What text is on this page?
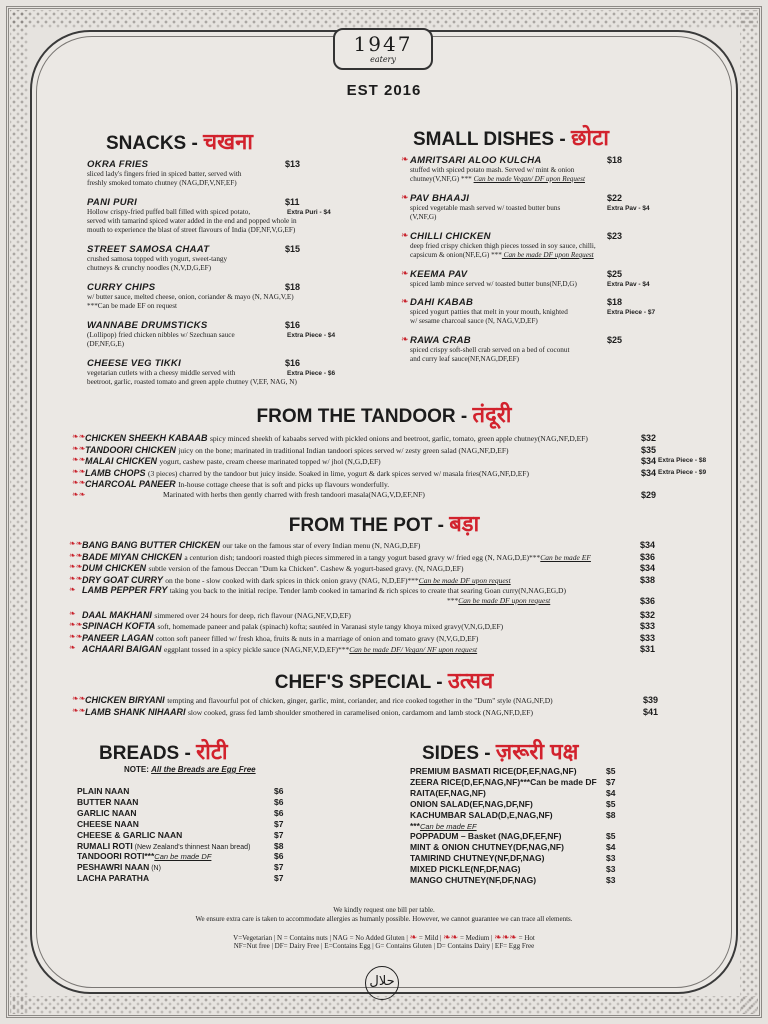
1947
eatery
EST 2016
SNACKS - चखना	SMALL DISHES - छोटा
FROM THE TANDOOR - तंदूरी
FROM THE POT - बड़ा
CHEF'S SPECIAL - उत्सव
BREADS - रोटी
NOTE: All the Breads are Egg Free
SIDES - ज़रूरी पक्ष
We kindly request one bill per table.
We ensure extra care is taken to accommodate allergies as humanly possible. However, we cannot guarantee we can trace all elements.
V=Vegetarian | N = Contains nuts | NAG = No Added Gluten | ❧ = Mild | ❧❧ = Medium | ❧❧❧ = Hot
NF=Nut free | DF= Dairy Free | E=Contains Egg | G= Contains Gluten | D= Contains Dairy | EF= Egg Free
حلال
OKRA FRIES	$13
sliced lady's fingers fried in spiced batter, served with
freshly smoked tomato chutney (NAG,DF,V,NF,EF)
PANI PURI	$11
Extra Puri - $4
Hollow crispy-fried puffed ball filled with spiced potato,
served with tamarind spiced water added in the end and popped whole in
mouth to experience the blast of street flavours of India (DF,NF,V,G,EF)
STREET SAMOSA CHAAT	$15
crushed samosa topped with yogurt, sweet-tangy
chutneys & crunchy noodles (N,V,D,G,EF)
CURRY CHIPS	$18
w/ butter sauce, melted cheese, onion, coriander & mayo (N, NAG,V,E)
***Can be made EF on request
WANNABE DRUMSTICKS	$16
Extra Piece - $4
(Lollipop) fried chicken nibbles w/ Szechuan sauce
(DF,NF,G,E)
CHEESE VEG TIKKI	$16
Extra Piece - $6
vegetarian cutlets with a cheesy middle served with
beetroot, garlic, roasted tomato and green apple chutney (V,EF, NAG, N)
❧ AMRITSARI ALOO KULCHA	$18
stuffed with spiced potato mash. Served w/ mint & onion
chutney(V,NF,G) *** Can be made Vegan/ DF upon Request
❧ PAV BHAAJI	$22
Extra Pav - $4
spiced vegetable mash served w/ toasted butter buns
(V,NF,G)
❧ CHILLI CHICKEN	$23
deep fried crispy chicken thigh pieces tossed in soy sauce, chilli,
capsicum & onion(NF,E,G) *** Can be made DF upon Request
❧ KEEMA PAV	$25
Extra Pav - $4
spiced lamb mince served w/ toasted butter buns(NF,D,G)
❧ DAHI KABAB	$18
Extra Piece - $7
spiced yogurt patties that melt in your mouth, knighted
w/ sesame charcoal sauce (N, NAG,V,D,EF)
❧ RAWA CRAB	$25
spiced crispy soft-shell crab served on a bed of coconut
and curry leaf sauce(NF,NAG,DF,EF)
❧❧ CHICKEN SHEEKH KABAAB spicy minced sheekh of kabaabs served with pickled onions and beetroot, garlic, tomato, green apple chutney(NAG,NF,D,EF)	$32
❧❧ TANDOORI CHICKEN juicy on the bone; marinated in traditional Indian tandoori spices served w/ zesty green salad (NAG,NF,D,EF)	$35
❧❧ MALAI CHICKEN yogurt, cashew paste, cream cheese marinated topped w/ jhol (N,G,D,EF)	$34 Extra Piece - $8
❧❧ LAMB CHOPS (3 pieces) charred by the tandoor but juicy inside. Soaked in lime, yogurt & dark spices served w/ masala fries(NAG,NF,D,EF)	$34 Extra Piece - $9
❧❧ CHARCOAL PANEER In-house cottage cheese that is soft and picks up flavours wonderfully.
❧❧	Marinated with herbs then gently charred with fresh tandoori masala(NAG,V,D,EF,NF)	$29
❧❧ BANG BANG BUTTER CHICKEN our take on the famous star of every Indian menu (N, NAG,D,EF)	$34
❧❧ BADE MIYAN CHICKEN a centurion dish; tandoori roasted thigh pieces simmered in a tangy yogurt based gravy w/ fried egg (N, NAG,D,E)***Can be made EF	$36
❧❧ DUM CHICKEN subtle version of the famous Deccan "Dum ka Chicken". Cashew & yogurt-based gravy. (N, NAG,D,EF)	$34
❧❧ DRY GOAT CURRY on the bone - slow cooked with dark spices in thick onion gravy (NAG, N,D,EF)***Can be made DF upon request	$38
❧ LAMB PEPPER FRY taking you back to the initial recipe. Tender lamb cooked in tamarind & rich spices to create that searing Goan curry(N,NAG,EG,D)
***Can be made DF upon request	$36
❧ DAAL MAKHANI simmered over 24 hours for deep, rich flavour (NAG,NF,V,D,EF)	$32
❧❧ SPINACH KOFTA soft, homemade paneer and palak (spinach) kofta; sautéed in Varanasi style tangy khoya mixed gravy(V,N,G,D,EF)	$33
❧❧ PANEER LAGAN cotton soft paneer filled w/ fresh khoa, fruits & nuts in a marriage of onion and tomato gravy (N,V,G,D,EF)	$33
❧ ACHAARI BAIGAN eggplant tossed in a spicy pickle sauce (NAG,NF,V,D,EF)***Can be made DF/ Vegan/ NF upon request	$31
❧❧ CHICKEN BIRYANI tempting and flavourful pot of chicken, ginger, garlic, mint, coriander, and rice cooked together in the "Dum" style (NAG,NF,D)	$39
❧❧ LAMB SHANK NIHAARI slow cooked, grass fed lamb shoulder smothered in caramelised onion, cardamom and lamb stock (NAG,NF,D,EF)	$41
PLAIN NAAN	$6
BUTTER NAAN	$6
GARLIC NAAN	$6
CHEESE NAAN	$7
CHEESE & GARLIC NAAN	$7
RUMALI ROTI (New Zealand's thinnest Naan bread)	$8
TANDOORI ROTI***Can be made DF	$6
PESHAWRI NAAN (N)	$7
LACHA PARATHA	$7
PREMIUM BASMATI RICE(DF,EF,NAG,NF)	$5
ZEERA RICE(D,EF,NAG,NF)***Can be made DF $7
RAITA(EF,NAG,NF)	$4
ONION SALAD(EF,NAG,DF,NF)	$5
KACHUMBAR SALAD(D,E,NAG,NF)	$8
***Can be made EF
POPPADUM – Basket (NAG,DF,EF,NF)	$5
MINT & ONION CHUTNEY(DF,NAG,NF)	$4
TAMIRIND CHUTNEY(NF,DF,NAG)	$3
MIXED PICKLE(NF,DF,NAG)	$3
MANGO CHUTNEY(NF,DF,NAG)	$3
